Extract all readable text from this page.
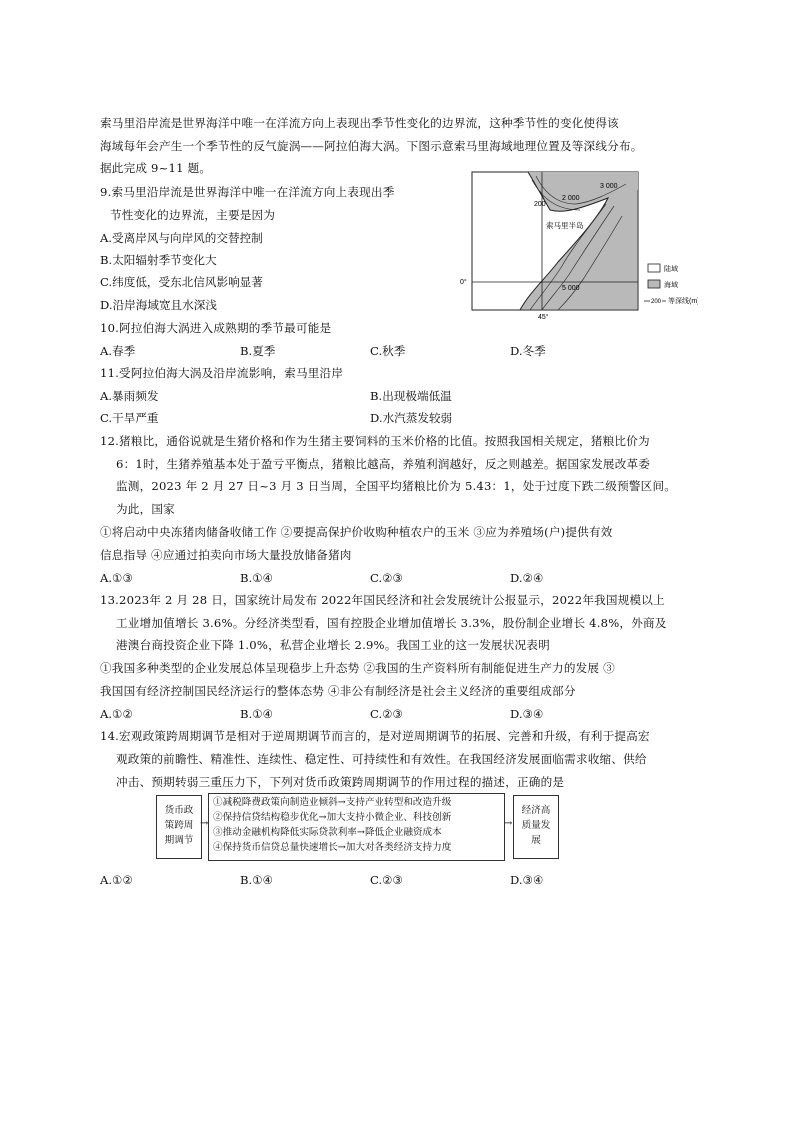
索马里沿岸流是世界海洋中唯一在洋流方向上表现出季节性变化的边界流，这种季节性的变化使得该
海域每年会产生一个季节性的反气旋涡——阿拉伯海大涡。下图示意索马里海域地理位置及等深线分布。
据此完成 9~11 题。
9.索马里沿岸流是世界海洋中唯一在洋流方向上表现出季
节性变化的边界流，主要是因为
A.受离岸风与向岸风的交替控制
B.太阳辐射季节变化大
C.纬度低，受东北信风影响显著
D.沿岸海域宽且水深浅
3 000
2 000
200
索马里半岛
5 000
0°
45°
陆域
海域
200 等深线(m)
10.阿拉伯海大涡进入成熟期的季节最可能是
A.春季	B.夏季	C.秋季	D.冬季
11.受阿拉伯海大涡及沿岸流影响，索马里沿岸
A.暴雨频发	B.出现极端低温
C.干旱严重	D.水汽蒸发较弱
12.猪粮比，通俗说就是生猪价格和作为生猪主要饲料的玉米价格的比值。按照我国相关规定，猪粮比价为
6：1时，生猪养殖基本处于盈亏平衡点，猪粮比越高，养殖利润越好，反之则越差。据国家发展改革委
监测，2023 年 2 月 27 日~3 月 3 日当周，全国平均猪粮比价为 5.43：1，处于过度下跌二级预警区间。
为此，国家
①将启动中央冻猪肉储备收储工作 ②要提高保护价收购种植农户的玉米 ③应为养殖场(户)提供有效
信息指导 ④应通过拍卖向市场大量投放储备猪肉
A.①③	B.①④	C.②③	D.②④
13.2023年 2 月 28 日，国家统计局发布 2022年国民经济和社会发展统计公报显示，2022年我国规模以上
工业增加值增长 3.6%。分经济类型看，国有控股企业增加值增长 3.3%，股份制企业增长 4.8%，外商及
港澳台商投资企业下降 1.0%，私营企业增长 2.9%。我国工业的这一发展状况表明
①我国多种类型的企业发展总体呈现稳步上升态势 ②我国的生产资料所有制能促进生产力的发展 ③
我国国有经济控制国民经济运行的整体态势 ④非公有制经济是社会主义经济的重要组成部分
A.①②	B.①④	C.②③	D.③④
14.宏观政策跨周期调节是相对于逆周期调节而言的，是对逆周期调节的拓展、完善和升级，有利于提高宏
观政策的前瞻性、精准性、连续性、稳定性、可持续性和有效性。在我国经济发展面临需求收缩、供给
冲击、预期转弱三重压力下，下列对货币政策跨周期调节的作用过程的描述，正确的是
货币政
策跨周
期调节
→
①减税降费政策向制造业倾斜→支持产业转型和改造升级
②保持信贷结构稳步优化→加大支持小微企业、科技创新
③推动金融机构降低实际贷款利率→降低企业融资成本
④保持货币信贷总量快速增长→加大对各类经济支持力度
→
经济高
质量发
展
A.①②	B.①④	C.②③	D.③④
